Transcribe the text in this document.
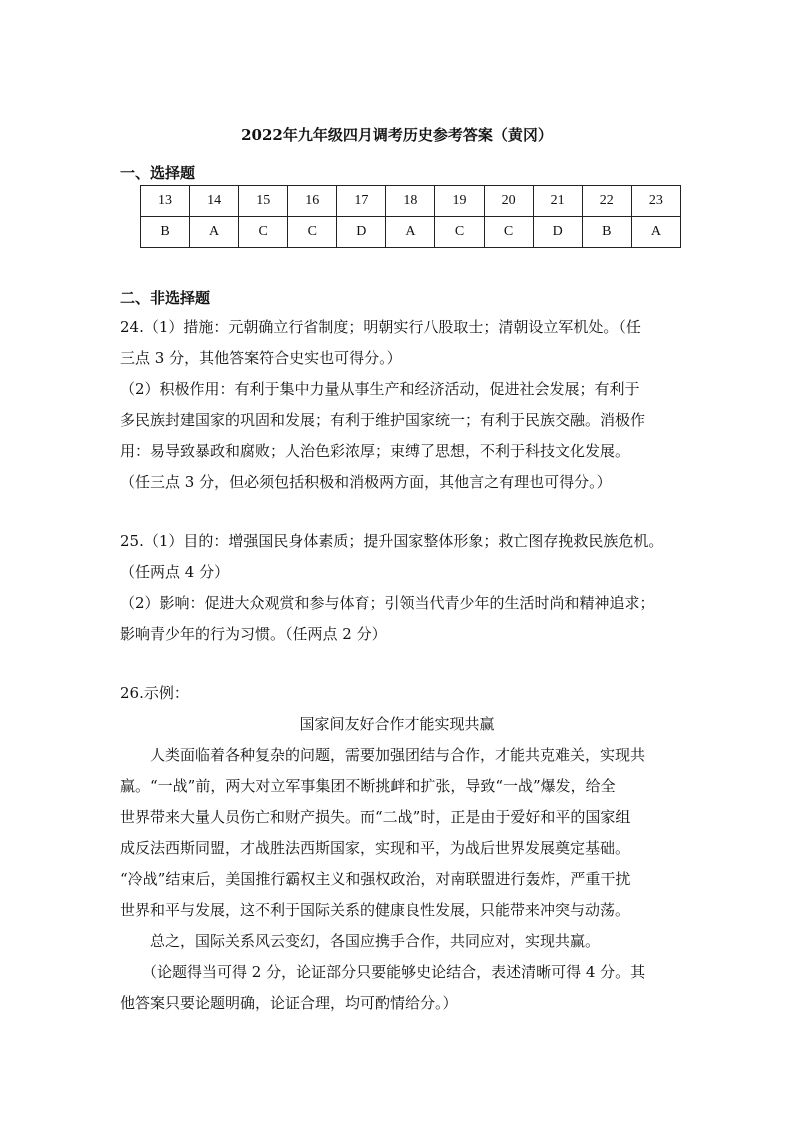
2022年九年级四月调考历史参考答案（黄冈）
一、选择题
13	14	15	16	17	18	19	20	21	22	23
B	A	C	C	D	A	C	C	D	B	A
二、非选择题
24.（1）措施：元朝确立行省制度；明朝实行八股取士；清朝设立军机处。（任
三点 3 分，其他答案符合史实也可得分。）
（2）积极作用：有利于集中力量从事生产和经济活动，促进社会发展；有利于
多民族封建国家的巩固和发展；有利于维护国家统一；有利于民族交融。消极作
用：易导致暴政和腐败；人治色彩浓厚；束缚了思想，不利于科技文化发展。
（任三点 3 分，但必须包括积极和消极两方面，其他言之有理也可得分。）
25.（1）目的：增强国民身体素质；提升国家整体形象；救亡图存挽救民族危机。
（任两点 4 分）
（2）影响：促进大众观赏和参与体育；引领当代青少年的生活时尚和精神追求；
影响青少年的行为习惯。（任两点 2 分）
26.示例：
国家间友好合作才能实现共赢
人类面临着各种复杂的问题，需要加强团结与合作，才能共克难关，实现共
赢。“一战”前，两大对立军事集团不断挑衅和扩张，导致“一战”爆发，给全
世界带来大量人员伤亡和财产损失。而“二战”时，正是由于爱好和平的国家组
成反法西斯同盟，才战胜法西斯国家，实现和平，为战后世界发展奠定基础。
“冷战”结束后，美国推行霸权主义和强权政治，对南联盟进行轰炸，严重干扰
世界和平与发展，这不利于国际关系的健康良性发展，只能带来冲突与动荡。
总之，国际关系风云变幻，各国应携手合作，共同应对，实现共赢。
（论题得当可得 2 分，论证部分只要能够史论结合，表述清晰可得 4 分。其
他答案只要论题明确，论证合理，均可酌情给分。）
